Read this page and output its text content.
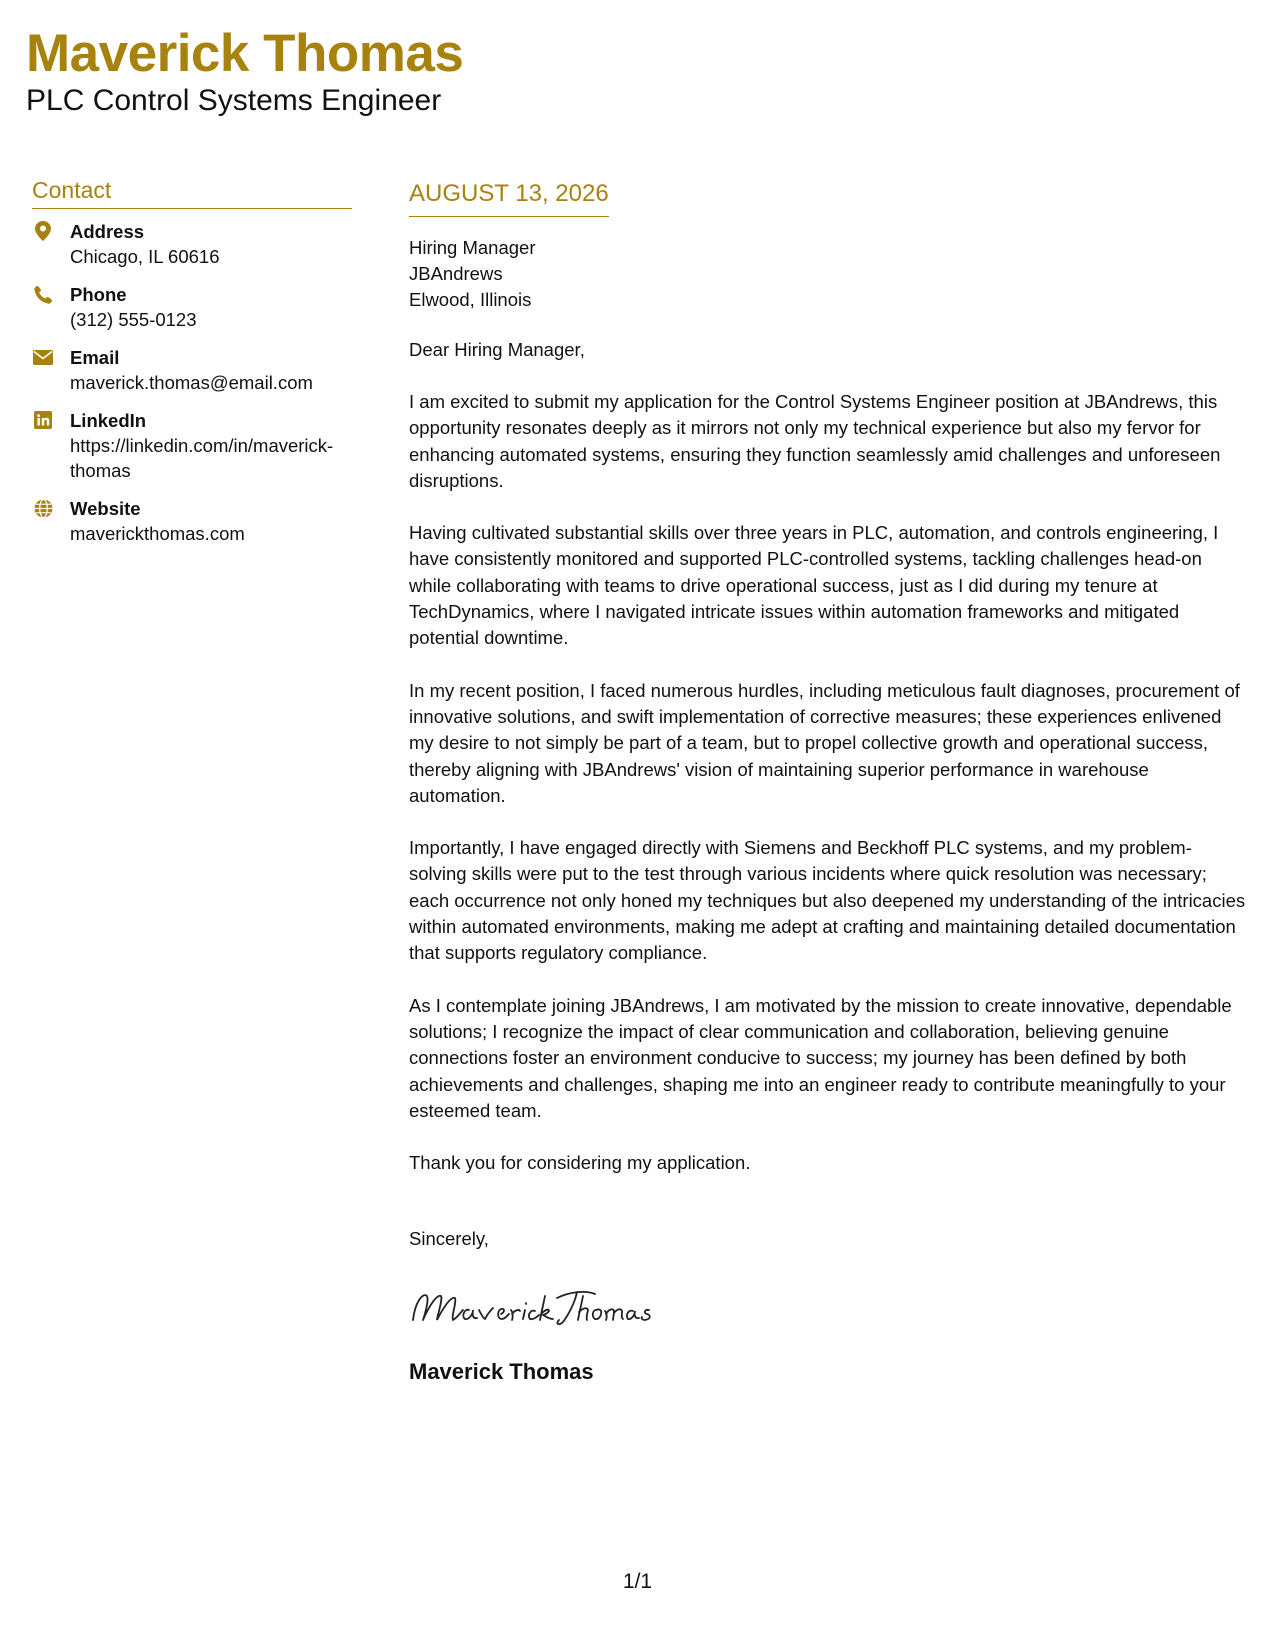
Maverick Thomas
PLC Control Systems Engineer
Contact
Address
Chicago, IL 60616
Phone
(312) 555-0123
Email
maverick.thomas@email.com
LinkedIn
https://linkedin.com/in/maverick-thomas
Website
maverickthomas.com
AUGUST 13, 2026
Hiring Manager
JBAndrews
Elwood, Illinois
Dear Hiring Manager,
I am excited to submit my application for the Control Systems Engineer position at JBAndrews, this opportunity resonates deeply as it mirrors not only my technical experience but also my fervor for enhancing automated systems, ensuring they function seamlessly amid challenges and unforeseen disruptions.
Having cultivated substantial skills over three years in PLC, automation, and controls engineering, I have consistently monitored and supported PLC-controlled systems, tackling challenges head-on while collaborating with teams to drive operational success, just as I did during my tenure at TechDynamics, where I navigated intricate issues within automation frameworks and mitigated potential downtime.
In my recent position, I faced numerous hurdles, including meticulous fault diagnoses, procurement of innovative solutions, and swift implementation of corrective measures; these experiences enlivened my desire to not simply be part of a team, but to propel collective growth and operational success, thereby aligning with JBAndrews' vision of maintaining superior performance in warehouse automation.
Importantly, I have engaged directly with Siemens and Beckhoff PLC systems, and my problem-solving skills were put to the test through various incidents where quick resolution was necessary; each occurrence not only honed my techniques but also deepened my understanding of the intricacies within automated environments, making me adept at crafting and maintaining detailed documentation that supports regulatory compliance.
As I contemplate joining JBAndrews, I am motivated by the mission to create innovative, dependable solutions; I recognize the impact of clear communication and collaboration, believing genuine connections foster an environment conducive to success; my journey has been defined by both achievements and challenges, shaping me into an engineer ready to contribute meaningfully to your esteemed team.
Thank you for considering my application.
Sincerely,
Maverick Thomas
1/1
